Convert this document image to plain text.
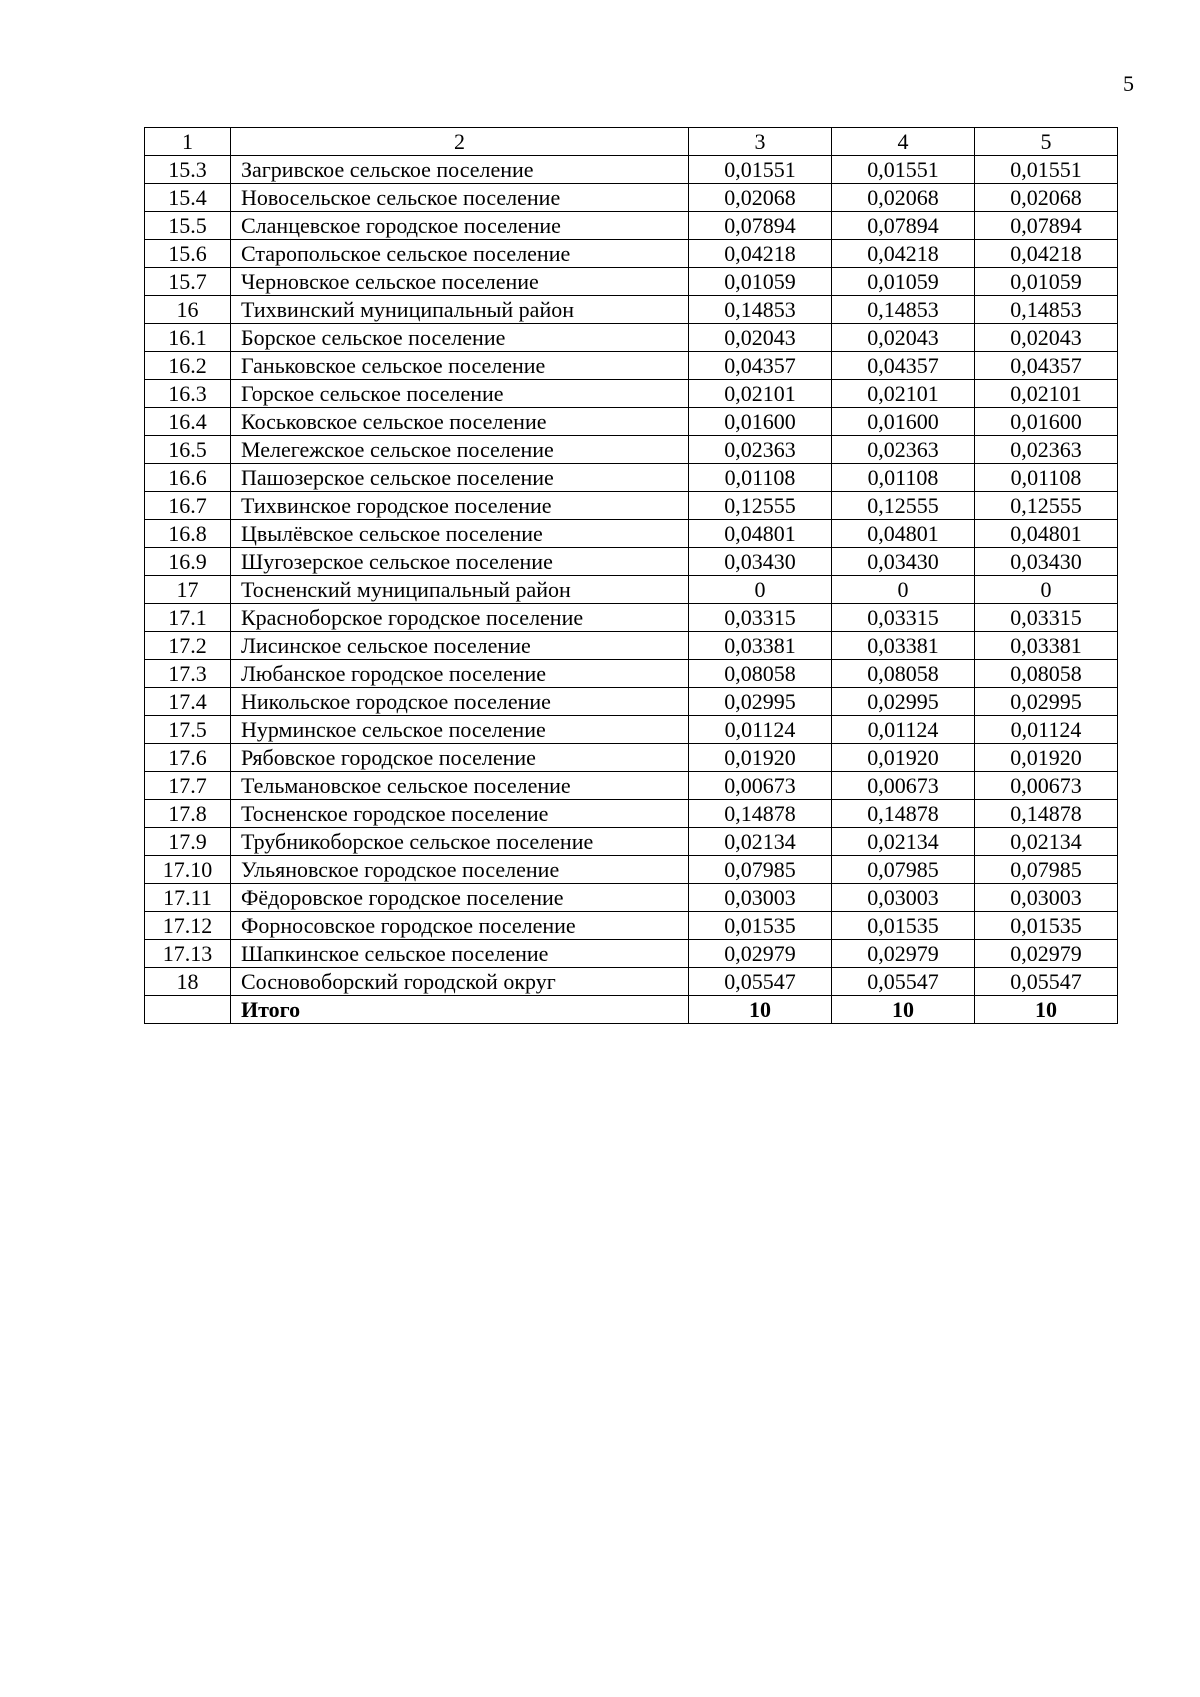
5
1	2	3	4	5
15.3	Загривское сельское поселение	0,01551	0,01551	0,01551
15.4	Новосельское сельское поселение	0,02068	0,02068	0,02068
15.5	Сланцевское городское поселение	0,07894	0,07894	0,07894
15.6	Старопольское сельское поселение	0,04218	0,04218	0,04218
15.7	Черновское сельское поселение	0,01059	0,01059	0,01059
16	Тихвинский муниципальный район	0,14853	0,14853	0,14853
16.1	Борское сельское поселение	0,02043	0,02043	0,02043
16.2	Ганьковское сельское поселение	0,04357	0,04357	0,04357
16.3	Горское сельское поселение	0,02101	0,02101	0,02101
16.4	Коськовское сельское поселение	0,01600	0,01600	0,01600
16.5	Мелегежское сельское поселение	0,02363	0,02363	0,02363
16.6	Пашозерское сельское поселение	0,01108	0,01108	0,01108
16.7	Тихвинское городское поселение	0,12555	0,12555	0,12555
16.8	Цвылёвское сельское поселение	0,04801	0,04801	0,04801
16.9	Шугозерское сельское поселение	0,03430	0,03430	0,03430
17	Тосненский муниципальный район	0	0	0
17.1	Красноборское городское поселение	0,03315	0,03315	0,03315
17.2	Лисинское сельское поселение	0,03381	0,03381	0,03381
17.3	Любанское городское поселение	0,08058	0,08058	0,08058
17.4	Никольское городское поселение	0,02995	0,02995	0,02995
17.5	Нурминское сельское поселение	0,01124	0,01124	0,01124
17.6	Рябовское городское поселение	0,01920	0,01920	0,01920
17.7	Тельмановское сельское поселение	0,00673	0,00673	0,00673
17.8	Тосненское городское поселение	0,14878	0,14878	0,14878
17.9	Трубникоборское сельское поселение	0,02134	0,02134	0,02134
17.10	Ульяновское городское поселение	0,07985	0,07985	0,07985
17.11	Фёдоровское городское поселение	0,03003	0,03003	0,03003
17.12	Форносовское городское поселение	0,01535	0,01535	0,01535
17.13	Шапкинское сельское поселение	0,02979	0,02979	0,02979
18	Сосновоборский городской округ	0,05547	0,05547	0,05547
	Итого	10	10	10
